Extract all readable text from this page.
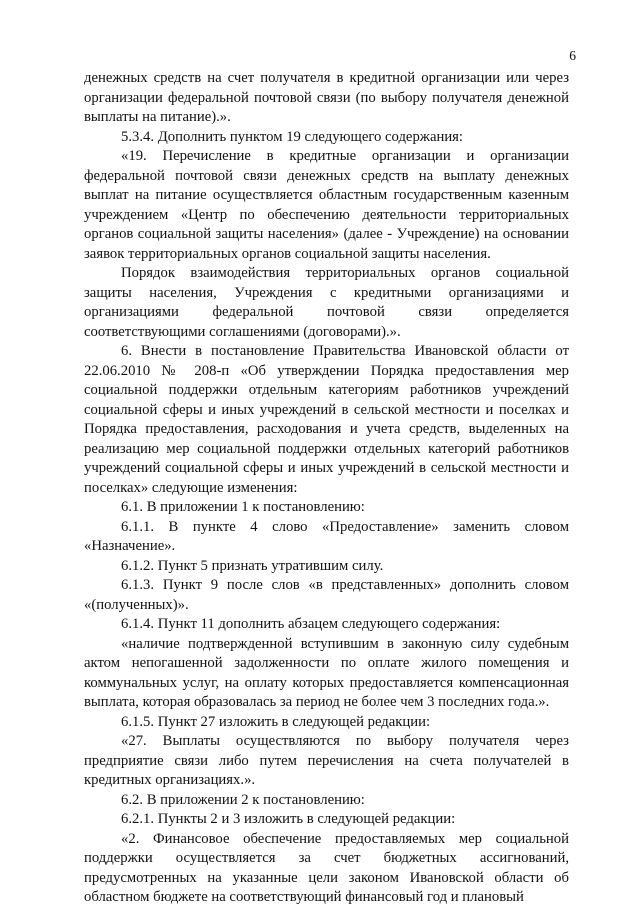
6

денежных средств на счет получателя в кредитной организации или через организации федеральной почтовой связи (по выбору получателя денежной выплаты на питание).».

5.3.4. Дополнить пунктом 19 следующего содержания:

«19. Перечисление в кредитные организации и организации федеральной почтовой связи денежных средств на выплату денежных выплат на питание осуществляется областным государственным казенным учреждением «Центр по обеспечению деятельности территориальных органов социальной защиты населения» (далее - Учреждение) на основании заявок территориальных органов социальной защиты населения.

Порядок взаимодействия территориальных органов социальной защиты населения, Учреждения с кредитными организациями и организациями федеральной почтовой связи определяется соответствующими соглашениями (договорами).».

6. Внести в постановление Правительства Ивановской области от 22.06.2010 № 208-п «Об утверждении Порядка предоставления мер социальной поддержки отдельным категориям работников учреждений социальной сферы и иных учреждений в сельской местности и поселках и Порядка предоставления, расходования и учета средств, выделенных на реализацию мер социальной поддержки отдельных категорий работников учреждений социальной сферы и иных учреждений в сельской местности и поселках» следующие изменения:

6.1. В приложении 1 к постановлению:

6.1.1. В пункте 4 слово «Предоставление» заменить словом «Назначение».

6.1.2. Пункт 5 признать утратившим силу.

6.1.3. Пункт 9 после слов «в представленных» дополнить словом «(полученных)».

6.1.4. Пункт 11 дополнить абзацем следующего содержания:

«наличие подтвержденной вступившим в законную силу судебным актом непогашенной задолженности по оплате жилого помещения и коммунальных услуг, на оплату которых предоставляется компенсационная выплата, которая образовалась за период не более чем 3 последних года.».

6.1.5. Пункт 27 изложить в следующей редакции:

«27. Выплаты осуществляются по выбору получателя через предприятие связи либо путем перечисления на счета получателей в кредитных организациях.».

6.2. В приложении 2 к постановлению:

6.2.1. Пункты 2 и 3 изложить в следующей редакции:

«2. Финансовое обеспечение предоставляемых мер социальной поддержки осуществляется за счет бюджетных ассигнований, предусмотренных на указанные цели законом Ивановской области об областном бюджете на соответствующий финансовый год и плановый
